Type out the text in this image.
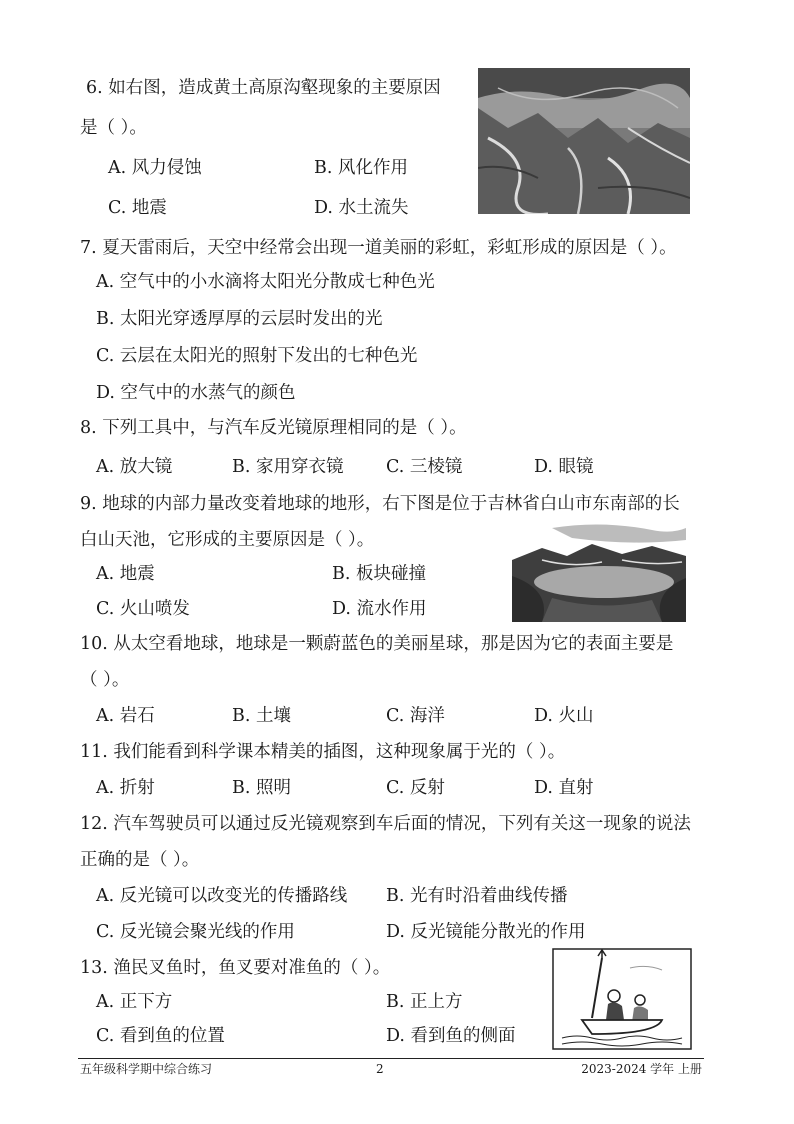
6. 如右图，造成黄土高原沟壑现象的主要原因
是（ ）。
A. 风力侵蚀	B. 风化作用
C. 地震	D. 水土流失
7. 夏天雷雨后，天空中经常会出现一道美丽的彩虹，彩虹形成的原因是（ ）。
A. 空气中的小水滴将太阳光分散成七种色光
B. 太阳光穿透厚厚的云层时发出的光
C. 云层在太阳光的照射下发出的七种色光
D. 空气中的水蒸气的颜色
8. 下列工具中，与汽车反光镜原理相同的是（ ）。
A. 放大镜	B. 家用穿衣镜 C. 三棱镜	D. 眼镜
9. 地球的内部力量改变着地球的地形，右下图是位于吉林省白山市东南部的长
白山天池，它形成的主要原因是（ ）。
A. 地震	B. 板块碰撞
C. 火山喷发	D. 流水作用
10. 从太空看地球，地球是一颗蔚蓝色的美丽星球，那是因为它的表面主要是
（ ）。
A. 岩石	B. 土壤	C. 海洋	D. 火山
11. 我们能看到科学课本精美的插图，这种现象属于光的（ ）。
A. 折射	B. 照明	C. 反射	D. 直射
12. 汽车驾驶员可以通过反光镜观察到车后面的情况，下列有关这一现象的说法
正确的是（ ）。
A. 反光镜可以改变光的传播路线 B. 光有时沿着曲线传播
C. 反光镜会聚光线的作用	D. 反光镜能分散光的作用
13. 渔民叉鱼时，鱼叉要对准鱼的（ ）。
A. 正下方	B. 正上方
C. 看到鱼的位置	D. 看到鱼的侧面
五年级科学期中综合练习	2	2023-2024 学年 上册
